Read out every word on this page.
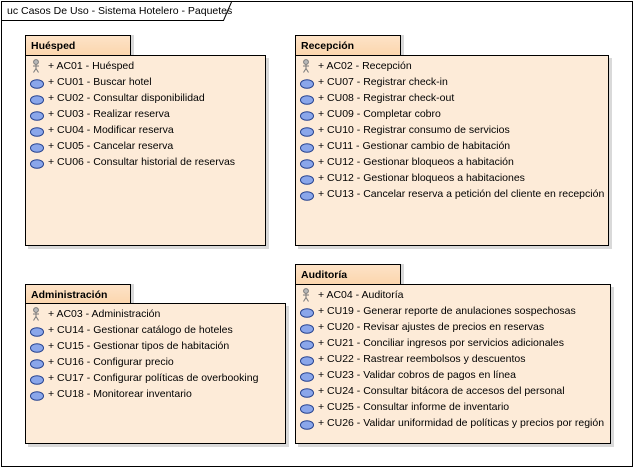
uc Casos De Uso - Sistema Hotelero - Paquetes
Huésped
+ AC01 - Huésped
+ CU01 - Buscar hotel
+ CU02 - Consultar disponibilidad
+ CU03 - Realizar reserva
+ CU04 - Modificar reserva
+ CU05 - Cancelar reserva
+ CU06 - Consultar historial de reservas
Recepción
+ AC02 - Recepción
+ CU07 - Registrar check-in
+ CU08 - Registrar check-out
+ CU09 - Completar cobro
+ CU10 - Registrar consumo de servicios
+ CU11 - Gestionar cambio de habitación
+ CU12 - Gestionar bloqueos a habitación
+ CU12 - Gestionar bloqueos a habitaciones
+ CU13 - Cancelar reserva a petición del cliente en recepción
Administración
+ AC03 - Administración
+ CU14 - Gestionar catálogo de hoteles
+ CU15 - Gestionar tipos de habitación
+ CU16 - Configurar precio
+ CU17 - Configurar políticas de overbooking
+ CU18 - Monitorear inventario
Auditoría
+ AC04 - Auditoría
+ CU19 - Generar reporte de anulaciones sospechosas
+ CU20 - Revisar ajustes de precios en reservas
+ CU21 - Conciliar ingresos por servicios adicionales
+ CU22 - Rastrear reembolsos y descuentos
+ CU23 - Validar cobros de pagos en línea
+ CU24 - Consultar bitácora de accesos del personal
+ CU25 - Consultar informe de inventario
+ CU26 - Validar uniformidad de políticas y precios por región
